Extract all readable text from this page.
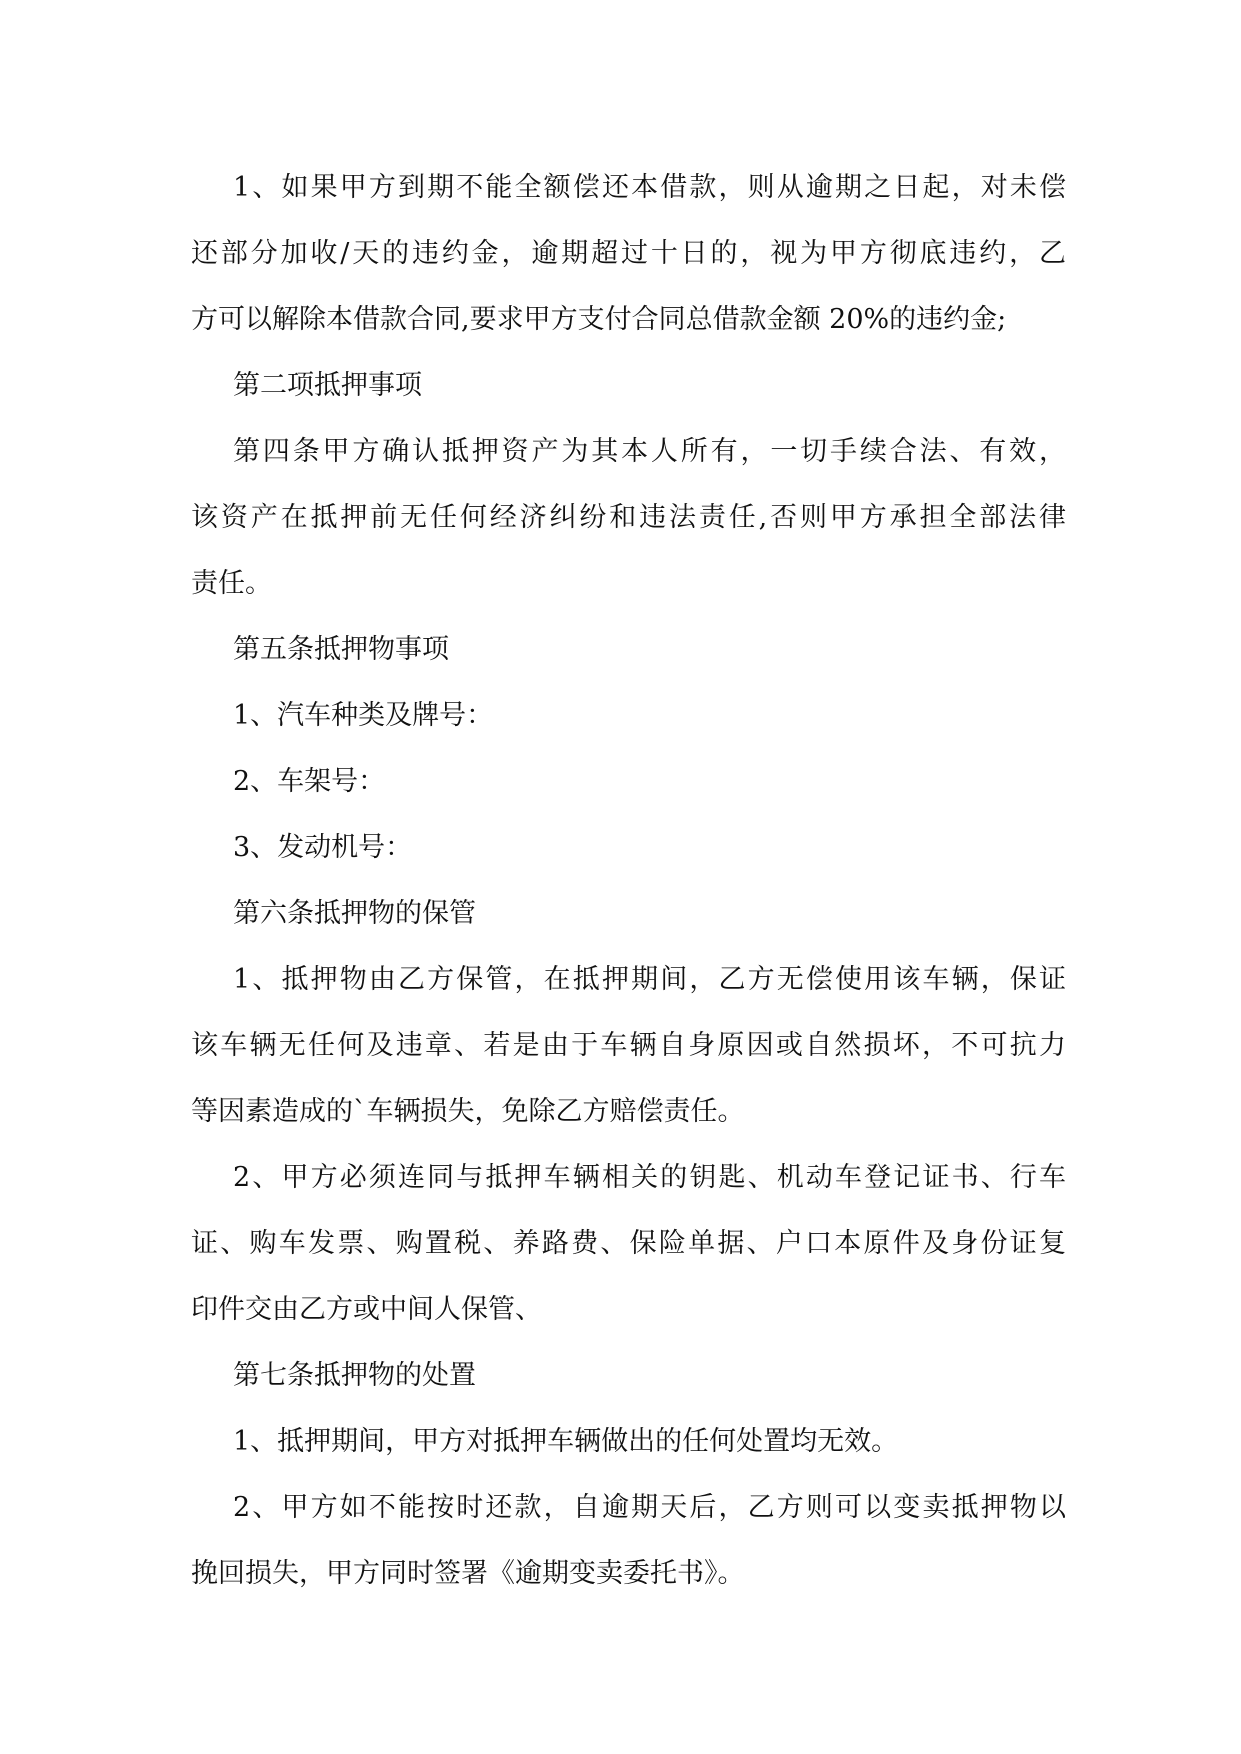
1、如果甲方到期不能全额偿还本借款，则从逾期之日起，对未偿
还部分加收/天的违约金，逾期超过十日的，视为甲方彻底违约，乙
方可以解除本借款合同,要求甲方支付合同总借款金额 20%的违约金;
第二项抵押事项
第四条甲方确认抵押资产为其本人所有，一切手续合法、有效，
该资产在抵押前无任何经济纠纷和违法责任,否则甲方承担全部法律
责任。
第五条抵押物事项
1、汽车种类及牌号：
2、车架号：
3、发动机号：
第六条抵押物的保管
1、抵押物由乙方保管，在抵押期间，乙方无偿使用该车辆，保证
该车辆无任何及违章、若是由于车辆自身原因或自然损坏，不可抗力
等因素造成的`车辆损失，免除乙方赔偿责任。
2、甲方必须连同与抵押车辆相关的钥匙、机动车登记证书、行车
证、购车发票、购置税、养路费、保险单据、户口本原件及身份证复
印件交由乙方或中间人保管、
第七条抵押物的处置
1、抵押期间，甲方对抵押车辆做出的任何处置均无效。
2、甲方如不能按时还款，自逾期天后，乙方则可以变卖抵押物以
挽回损失，甲方同时签署《逾期变卖委托书》。
